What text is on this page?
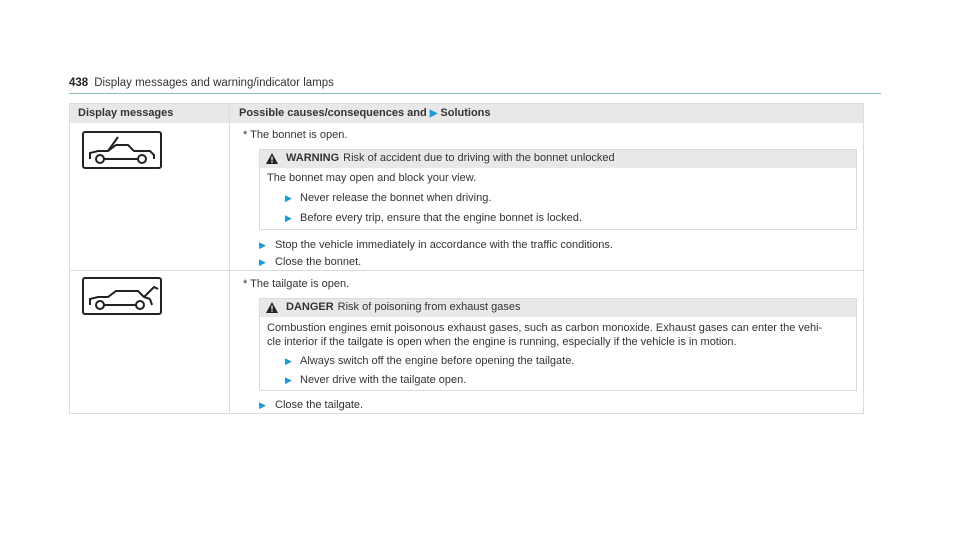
438 Display messages and warning/indicator lamps
Display messages	Possible causes/consequences and ▶ Solutions
* The bonnet is open.
WARNING Risk of accident due to driving with the bonnet unlocked
The bonnet may open and block your view.
▶ Never release the bonnet when driving.
▶ Before every trip, ensure that the engine bonnet is locked.
▶ Stop the vehicle immediately in accordance with the traffic conditions.
▶ Close the bonnet.
* The tailgate is open.
DANGER Risk of poisoning from exhaust gases
Combustion engines emit poisonous exhaust gases, such as carbon monoxide. Exhaust gases can enter the vehi-
cle interior if the tailgate is open when the engine is running, especially if the vehicle is in motion.
▶ Always switch off the engine before opening the tailgate.
▶ Never drive with the tailgate open.
▶ Close the tailgate.
